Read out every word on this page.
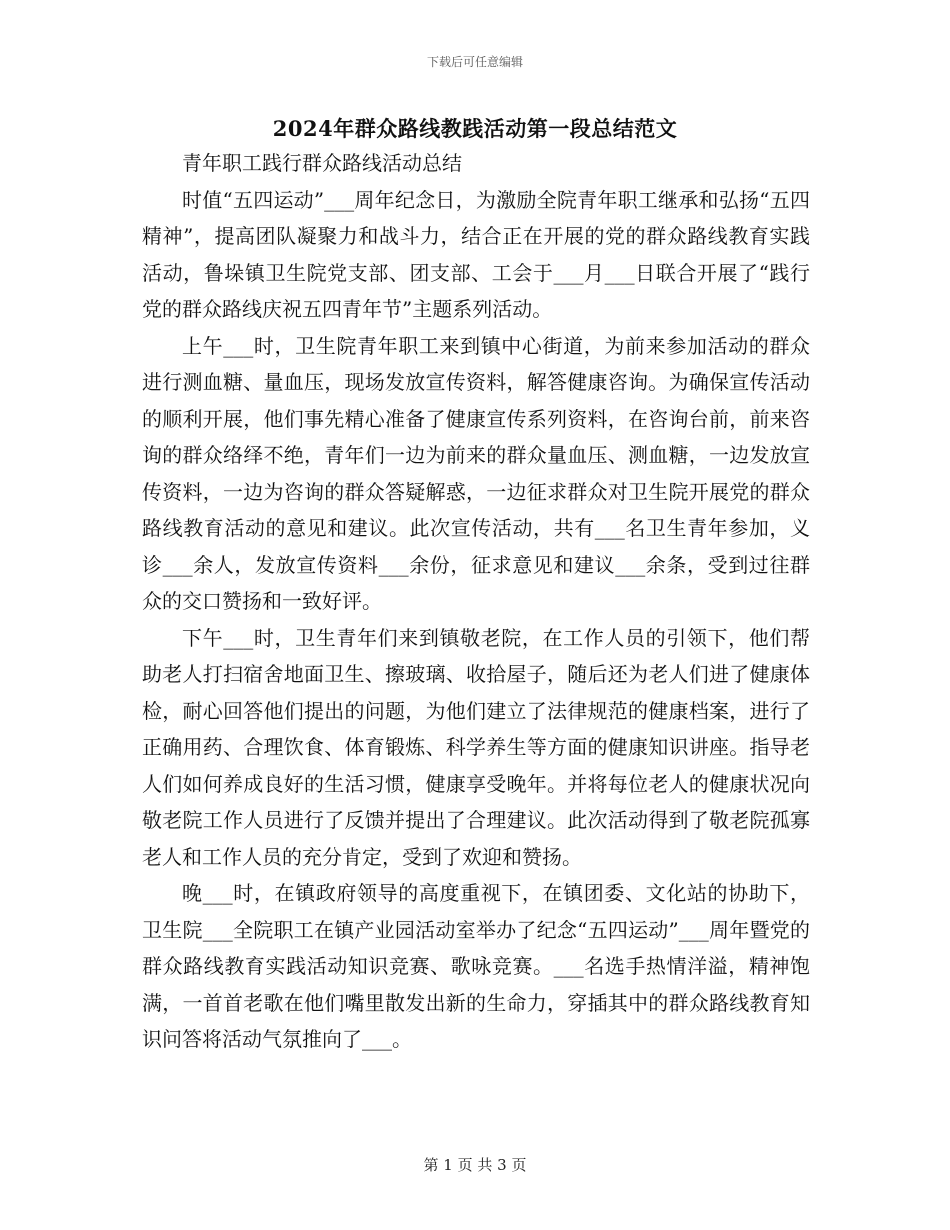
下载后可任意编辑
2024年群众路线教践活动第一段总结范文

青年职工践行群众路线活动总结

时值“五四运动”___周年纪念日，为激励全院青年职工继承和弘扬“五四精神”，提高团队凝聚力和战斗力，结合正在开展的党的群众路线教育实践活动，鲁垛镇卫生院党支部、团支部、工会于___月___日联合开展了“践行党的群众路线庆祝五四青年节”主题系列活动。

上午___时，卫生院青年职工来到镇中心街道，为前来参加活动的群众进行测血糖、量血压，现场发放宣传资料，解答健康咨询。为确保宣传活动的顺利开展，他们事先精心准备了健康宣传系列资料，在咨询台前，前来咨询的群众络绎不绝，青年们一边为前来的群众量血压、测血糖，一边发放宣传资料，一边为咨询的群众答疑解惑，一边征求群众对卫生院开展党的群众路线教育活动的意见和建议。此次宣传活动，共有___名卫生青年参加，义诊___余人，发放宣传资料___余份，征求意见和建议___余条，受到过往群众的交口赞扬和一致好评。

下午___时，卫生青年们来到镇敬老院，在工作人员的引领下，他们帮助老人打扫宿舍地面卫生、擦玻璃、收拾屋子，随后还为老人们进了健康体检，耐心回答他们提出的问题，为他们建立了法律规范的健康档案，进行了正确用药、合理饮食、体育锻炼、科学养生等方面的健康知识讲座。指导老人们如何养成良好的生活习惯，健康享受晚年。并将每位老人的健康状况向敬老院工作人员进行了反馈并提出了合理建议。此次活动得到了敬老院孤寡老人和工作人员的充分肯定，受到了欢迎和赞扬。

晚___时，在镇政府领导的高度重视下，在镇团委、文化站的协助下，卫生院___全院职工在镇产业园活动室举办了纪念“五四运动”___周年暨党的群众路线教育实践活动知识竞赛、歌咏竞赛。___名选手热情洋溢，精神饱满，一首首老歌在他们嘴里散发出新的生命力，穿插其中的群众路线教育知识问答将活动气氛推向了___。

第 1 页 共 3 页
